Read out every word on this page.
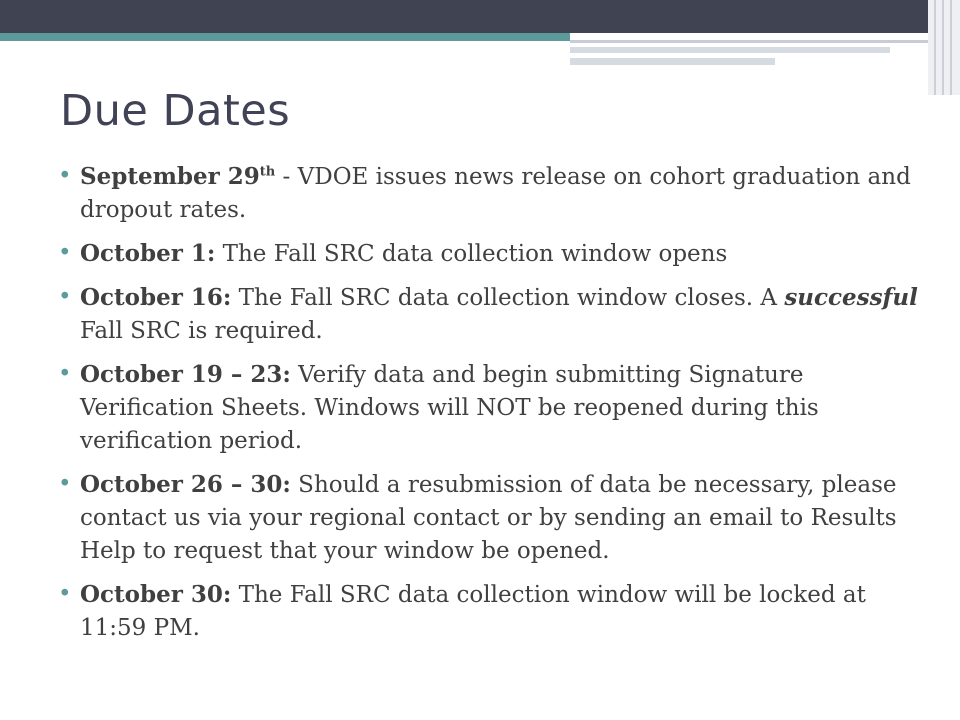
Due Dates
• September 29th - VDOE issues news release on cohort graduation and dropout rates.
• October 1: The Fall SRC data collection window opens
• October 16: The Fall SRC data collection window closes. A successful Fall SRC is required.
• October 19 – 23: Verify data and begin submitting Signature Verification Sheets. Windows will NOT be reopened during this verification period.
• October 26 – 30: Should a resubmission of data be necessary, please contact us via your regional contact or by sending an email to Results Help to request that your window be opened.
• October 30: The Fall SRC data collection window will be locked at 11:59 PM.
